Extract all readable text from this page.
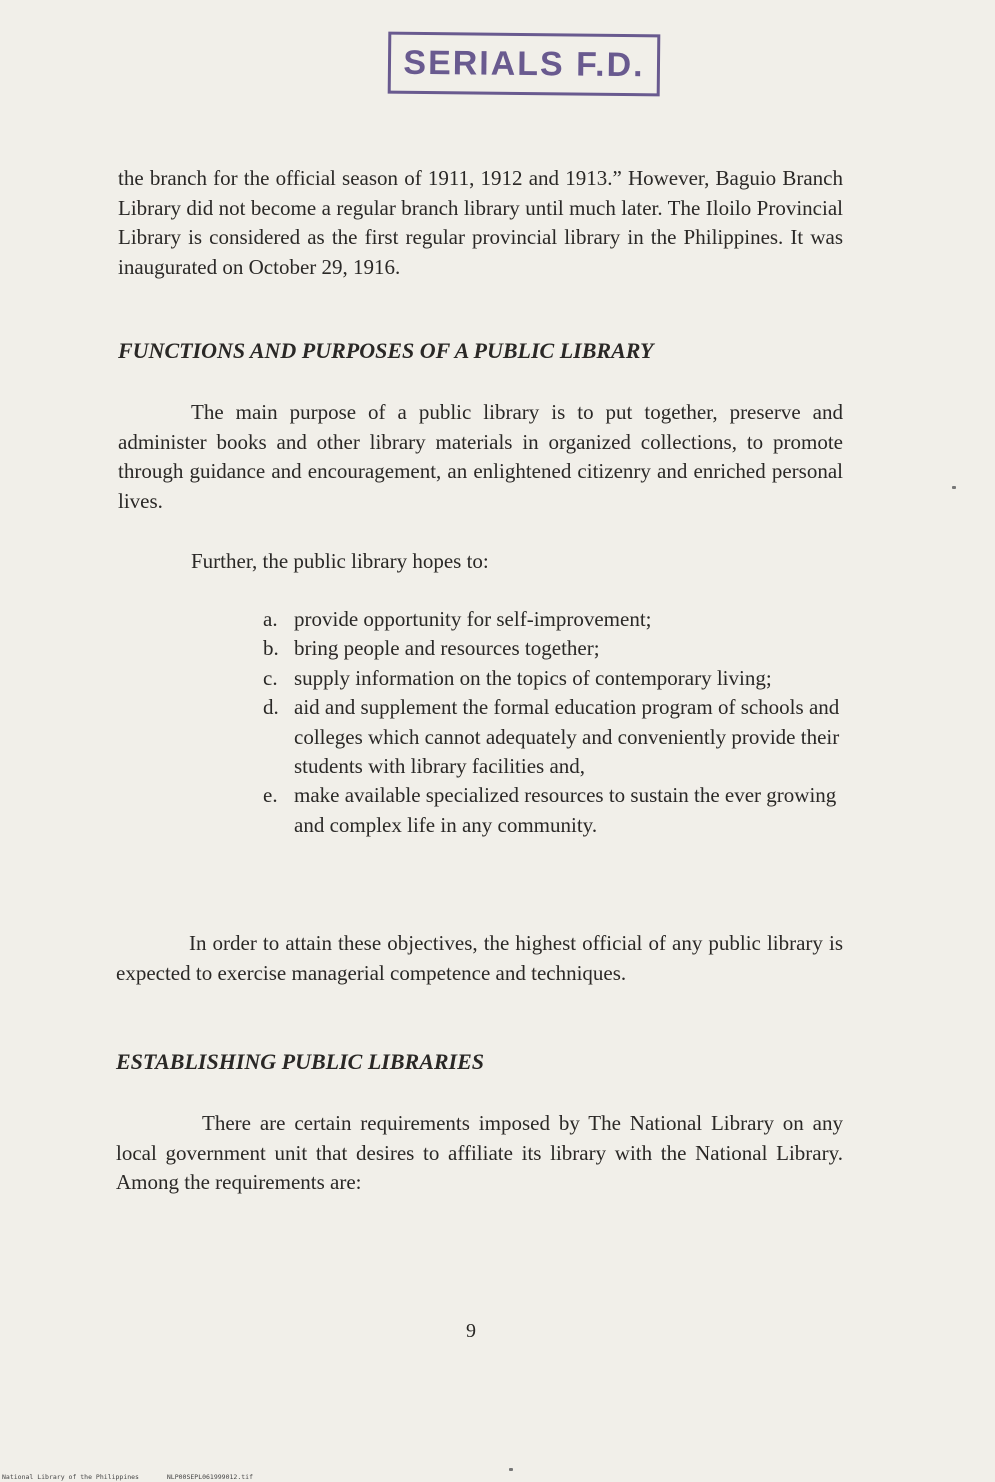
SERIALS F.D.

the branch for the official season of 1911, 1912 and 1913.” However, Baguio Branch Library did not become a regular branch library until much later. The Iloilo Provincial Library is considered as the first regular provincial library in the Philippines. It was inaugurated on October 29, 1916.

FUNCTIONS AND PURPOSES OF A PUBLIC LIBRARY

The main purpose of a public library is to put together, preserve and administer books and other library materials in organized collections, to promote through guidance and encouragement, an enlightened citizenry and enriched personal lives.

Further, the public library hopes to:

a. provide opportunity for self-improvement;
b. bring people and resources together;
c. supply information on the topics of contemporary living;
d. aid and supplement the formal education program of schools and colleges which cannot adequately and conveniently provide their students with library facilities and,
e. make available specialized resources to sustain the ever growing and complex life in any community.

In order to attain these objectives, the highest official of any public library is expected to exercise managerial competence and techniques.

ESTABLISHING PUBLIC LIBRARIES

There are certain requirements imposed by The National Library on any local government unit that desires to affiliate its library with the National Library. Among the requirements are:

9

National Library of the Philippines	NLP00SEPL061999012.tif
